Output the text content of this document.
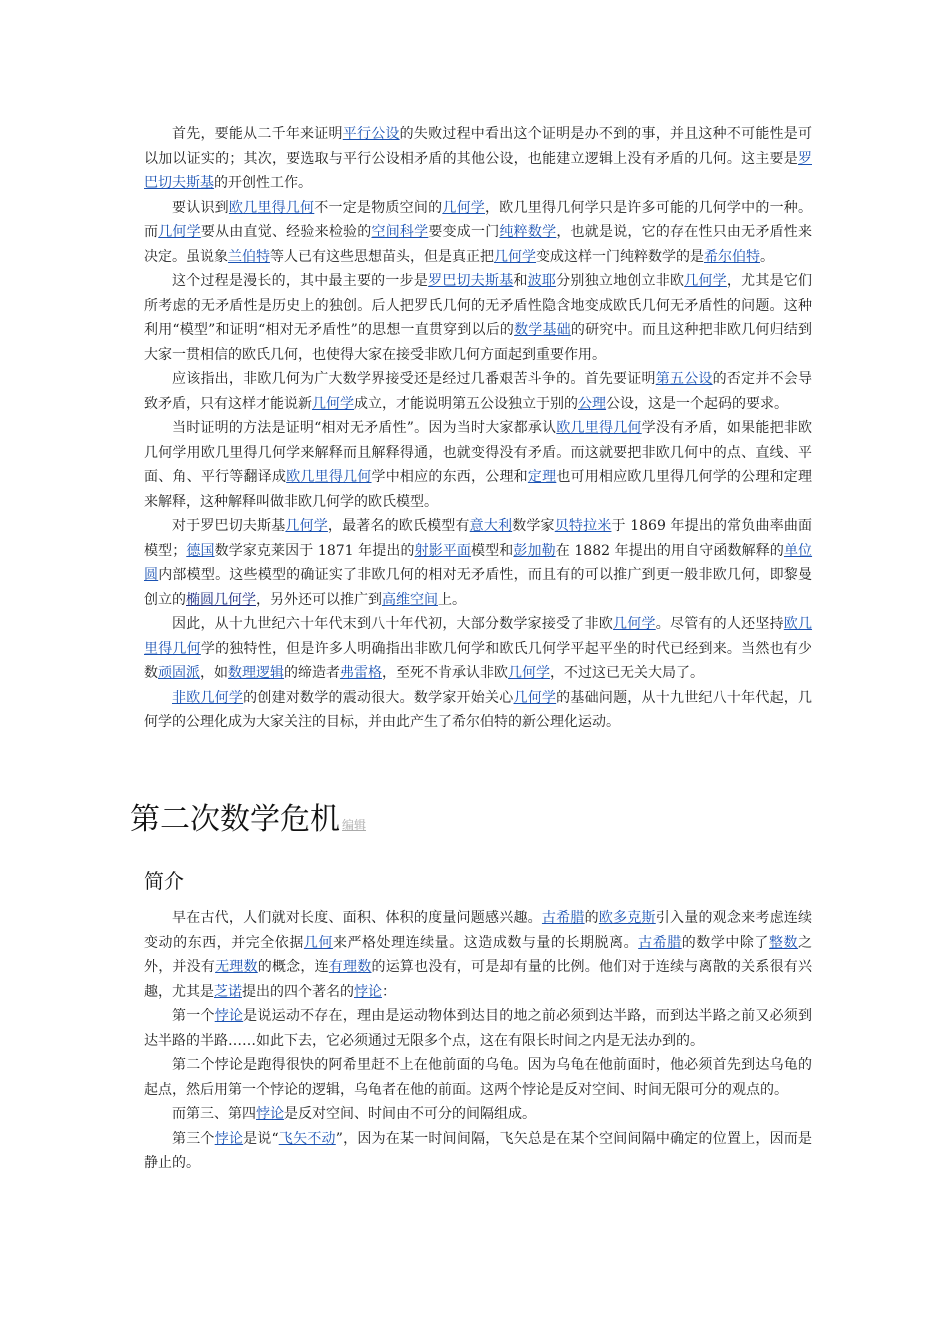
首先，要能从二千年来证明平行公设的失败过程中看出这个证明是办不到的事，并且这种不可能性是可以加以证实的；其次，要选取与平行公设相矛盾的其他公设，也能建立逻辑上没有矛盾的几何。这主要是罗巴切夫斯基的开创性工作。

要认识到欧几里得几何不一定是物质空间的几何学，欧几里得几何学只是许多可能的几何学中的一种。而几何学要从由直觉、经验来检验的空间科学要变成一门纯粹数学，也就是说，它的存在性只由无矛盾性来决定。虽说象兰伯特等人已有这些思想苗头，但是真正把几何学变成这样一门纯粹数学的是希尔伯特。

这个过程是漫长的，其中最主要的一步是罗巴切夫斯基和波耶分别独立地创立非欧几何学，尤其是它们所考虑的无矛盾性是历史上的独创。后人把罗氏几何的无矛盾性隐含地变成欧氏几何无矛盾性的问题。这种利用“模型”和证明“相对无矛盾性”的思想一直贯穿到以后的数学基础的研究中。而且这种把非欧几何归结到大家一贯相信的欧氏几何，也使得大家在接受非欧几何方面起到重要作用。

应该指出，非欧几何为广大数学界接受还是经过几番艰苦斗争的。首先要证明第五公设的否定并不会导致矛盾，只有这样才能说新几何学成立，才能说明第五公设独立于别的公理公设，这是一个起码的要求。

当时证明的方法是证明“相对无矛盾性”。因为当时大家都承认欧几里得几何学没有矛盾，如果能把非欧几何学用欧几里得几何学来解释而且解释得通，也就变得没有矛盾。而这就要把非欧几何中的点、直线、平面、角、平行等翻译成欧几里得几何学中相应的东西，公理和定理也可用相应欧几里得几何学的公理和定理来解释，这种解释叫做非欧几何学的欧氏模型。

对于罗巴切夫斯基几何学，最著名的欧氏模型有意大利数学家贝特拉米于 1869 年提出的常负曲率曲面模型；德国数学家克莱因于 1871 年提出的射影平面模型和彭加勒在 1882 年提出的用自守函数解释的单位圆内部模型。这些模型的确证实了非欧几何的相对无矛盾性，而且有的可以推广到更一般非欧几何，即黎曼创立的椭圆几何学，另外还可以推广到高维空间上。

因此，从十九世纪六十年代末到八十年代初，大部分数学家接受了非欧几何学。尽管有的人还坚持欧几里得几何学的独特性，但是许多人明确指出非欧几何学和欧氏几何学平起平坐的时代已经到来。当然也有少数顽固派，如数理逻辑的缔造者弗雷格，至死不肯承认非欧几何学，不过这已无关大局了。

非欧几何学的创建对数学的震动很大。数学家开始关心几何学的基础问题，从十九世纪八十年代起，几何学的公理化成为大家关注的目标，并由此产生了希尔伯特的新公理化运动。

第二次数学危机 编辑
简介

早在古代，人们就对长度、面积、体积的度量问题感兴趣。古希腊的欧多克斯引入量的观念来考虑连续变动的东西，并完全依据几何来严格处理连续量。这造成数与量的长期脱离。古希腊的数学中除了整数之外，并没有无理数的概念，连有理数的运算也没有，可是却有量的比例。他们对于连续与离散的关系很有兴趣，尤其是芝诺提出的四个著名的悖论：

第一个悖论是说运动不存在，理由是运动物体到达目的地之前必须到达半路，而到达半路之前又必须到达半路的半路……如此下去，它必须通过无限多个点，这在有限长时间之内是无法办到的。

第二个悖论是跑得很快的阿希里赶不上在他前面的乌龟。因为乌龟在他前面时，他必须首先到达乌龟的起点，然后用第一个悖论的逻辑，乌龟者在他的前面。这两个悖论是反对空间、时间无限可分的观点的。

而第三、第四悖论是反对空间、时间由不可分的间隔组成。

第三个悖论是说“飞矢不动”，因为在某一时间间隔，飞矢总是在某个空间间隔中确定的位置上，因而是静止的。
